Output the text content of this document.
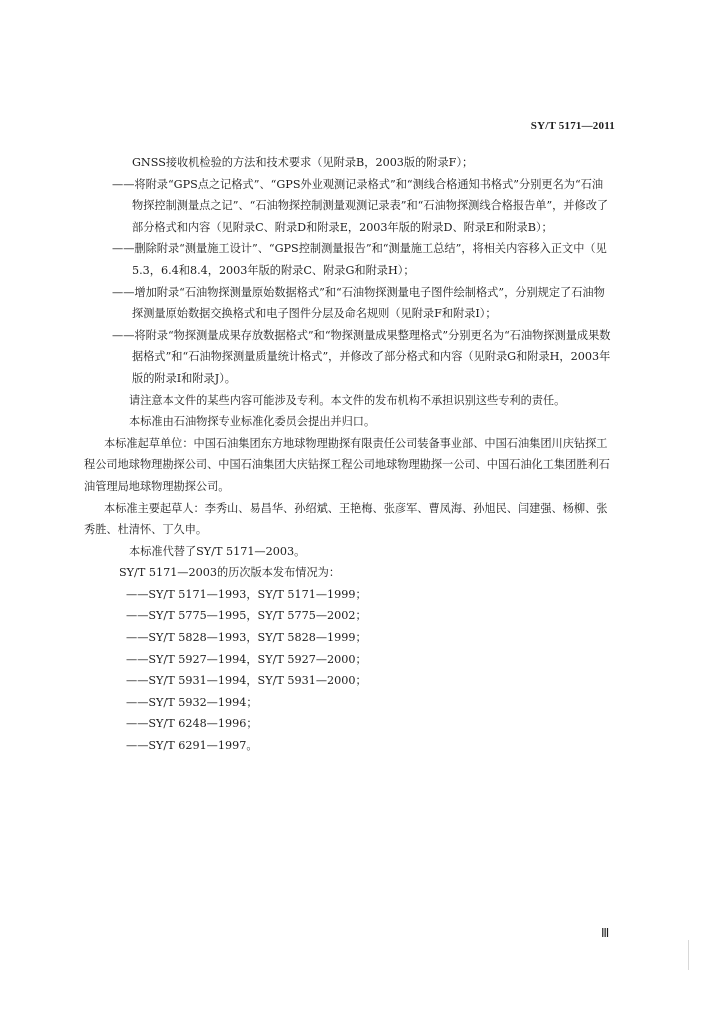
SY/T 5171—2011
GNSS接收机检验的方法和技术要求（见附录B，2003版的附录F）；
——将附录“GPS点之记格式”、“GPS外业观测记录格式”和“测线合格通知书格式”分别更名为“石油物探控制测量点之记”、“石油物探控制测量观测记录表”和“石油物探测线合格报告单”，并修改了部分格式和内容（见附录C、附录D和附录E，2003年版的附录D、附录E和附录B）；
——删除附录“测量施工设计”、“GPS控制测量报告”和“测量施工总结”，将相关内容移入正文中（见5.3，6.4和8.4，2003年版的附录C、附录G和附录H）；
——增加附录“石油物探测量原始数据格式”和“石油物探测量电子图件绘制格式”，分别规定了石油物探测量原始数据交换格式和电子图件分层及命名规则（见附录F和附录I）；
——将附录“物探测量成果存放数据格式”和“物探测量成果整理格式”分别更名为“石油物探测量成果数据格式”和“石油物探测量质量统计格式”，并修改了部分格式和内容（见附录G和附录H，2003年版的附录I和附录J）。
请注意本文件的某些内容可能涉及专利。本文件的发布机构不承担识别这些专利的责任。
本标准由石油物探专业标准化委员会提出并归口。
本标准起草单位：中国石油集团东方地球物理勘探有限责任公司装备事业部、中国石油集团川庆钻探工程公司地球物理勘探公司、中国石油集团大庆钻探工程公司地球物理勘探一公司、中国石油化工集团胜利石油管理局地球物理勘探公司。
本标准主要起草人：李秀山、易昌华、孙绍斌、王艳梅、张彦军、曹凤海、孙旭民、闫建强、杨柳、张秀胜、杜清怀、丁久申。
本标准代替了SY/T 5171—2003。
SY/T 5171—2003的历次版本发布情况为：
——SY/T 5171—1993，SY/T 5171—1999；
——SY/T 5775—1995，SY/T 5775—2002；
——SY/T 5828—1993，SY/T 5828—1999；
——SY/T 5927—1994，SY/T 5927—2000；
——SY/T 5931—1994，SY/T 5931—2000；
——SY/T 5932—1994；
——SY/T 6248—1996；
——SY/T 6291—1997。
Ⅲ
